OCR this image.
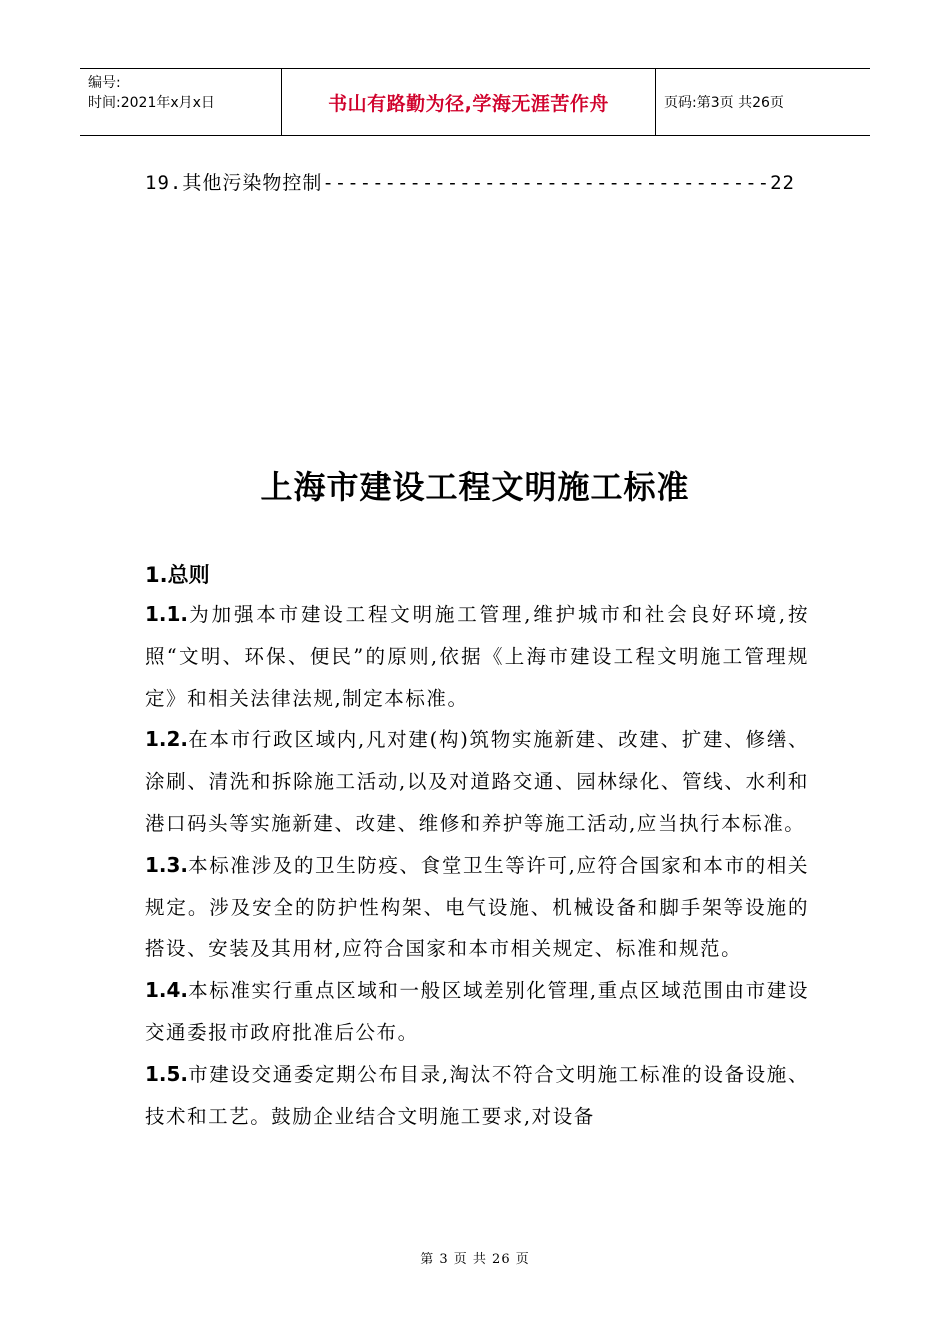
编号:
时间:2021年x月x日	书山有路勤为径,学海无涯苦作舟	页码:第3页 共26页
19.其他污染物控制------------------------------------22
上海市建设工程文明施工标准
1.总则
1.1.为加强本市建设工程文明施工管理,维护城市和社会良好环境,按照“文明、环保、便民”的原则,依据《上海市建设工程文明施工管理规定》和相关法律法规,制定本标准。
1.2.在本市行政区域内,凡对建(构)筑物实施新建、改建、扩建、修缮、涂刷、清洗和拆除施工活动,以及对道路交通、园林绿化、管线、水利和港口码头等实施新建、改建、维修和养护等施工活动,应当执行本标准。
1.3.本标准涉及的卫生防疫、食堂卫生等许可,应符合国家和本市的相关规定。涉及安全的防护性构架、电气设施、机械设备和脚手架等设施的搭设、安装及其用材,应符合国家和本市相关规定、标准和规范。
1.4.本标准实行重点区域和一般区域差别化管理,重点区域范围由市建设交通委报市政府批准后公布。
1.5.市建设交通委定期公布目录,淘汰不符合文明施工标准的设备设施、技术和工艺。鼓励企业结合文明施工要求,对设备
第 3 页 共 26 页
